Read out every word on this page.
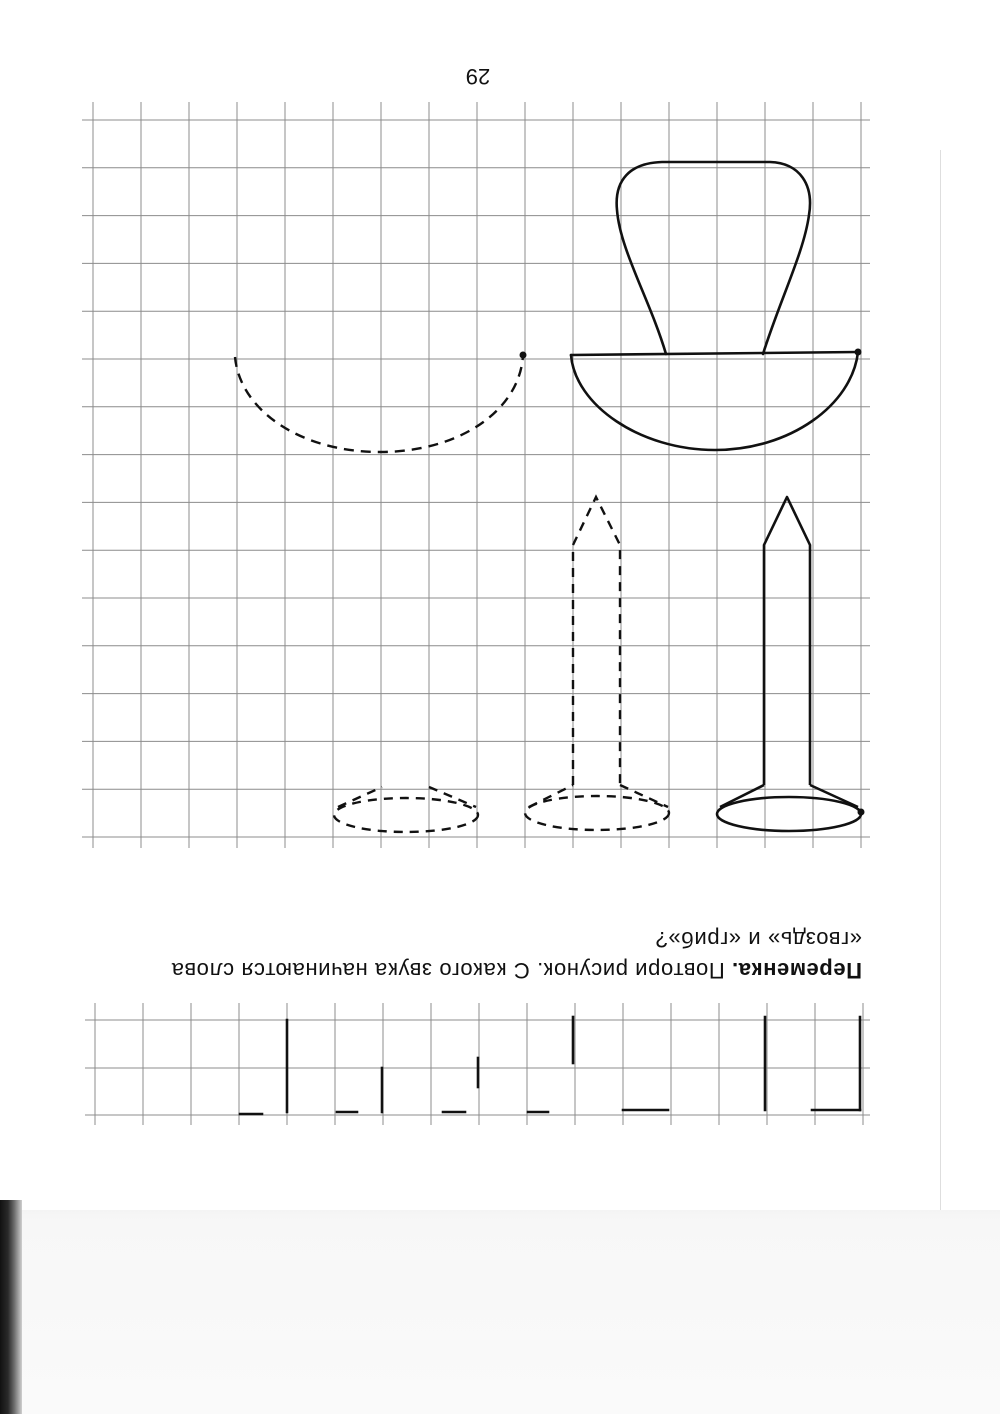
29
Переменка. Повтори рисунок. С какого звука начинаются слова «гвоздь» и «гриб»?
